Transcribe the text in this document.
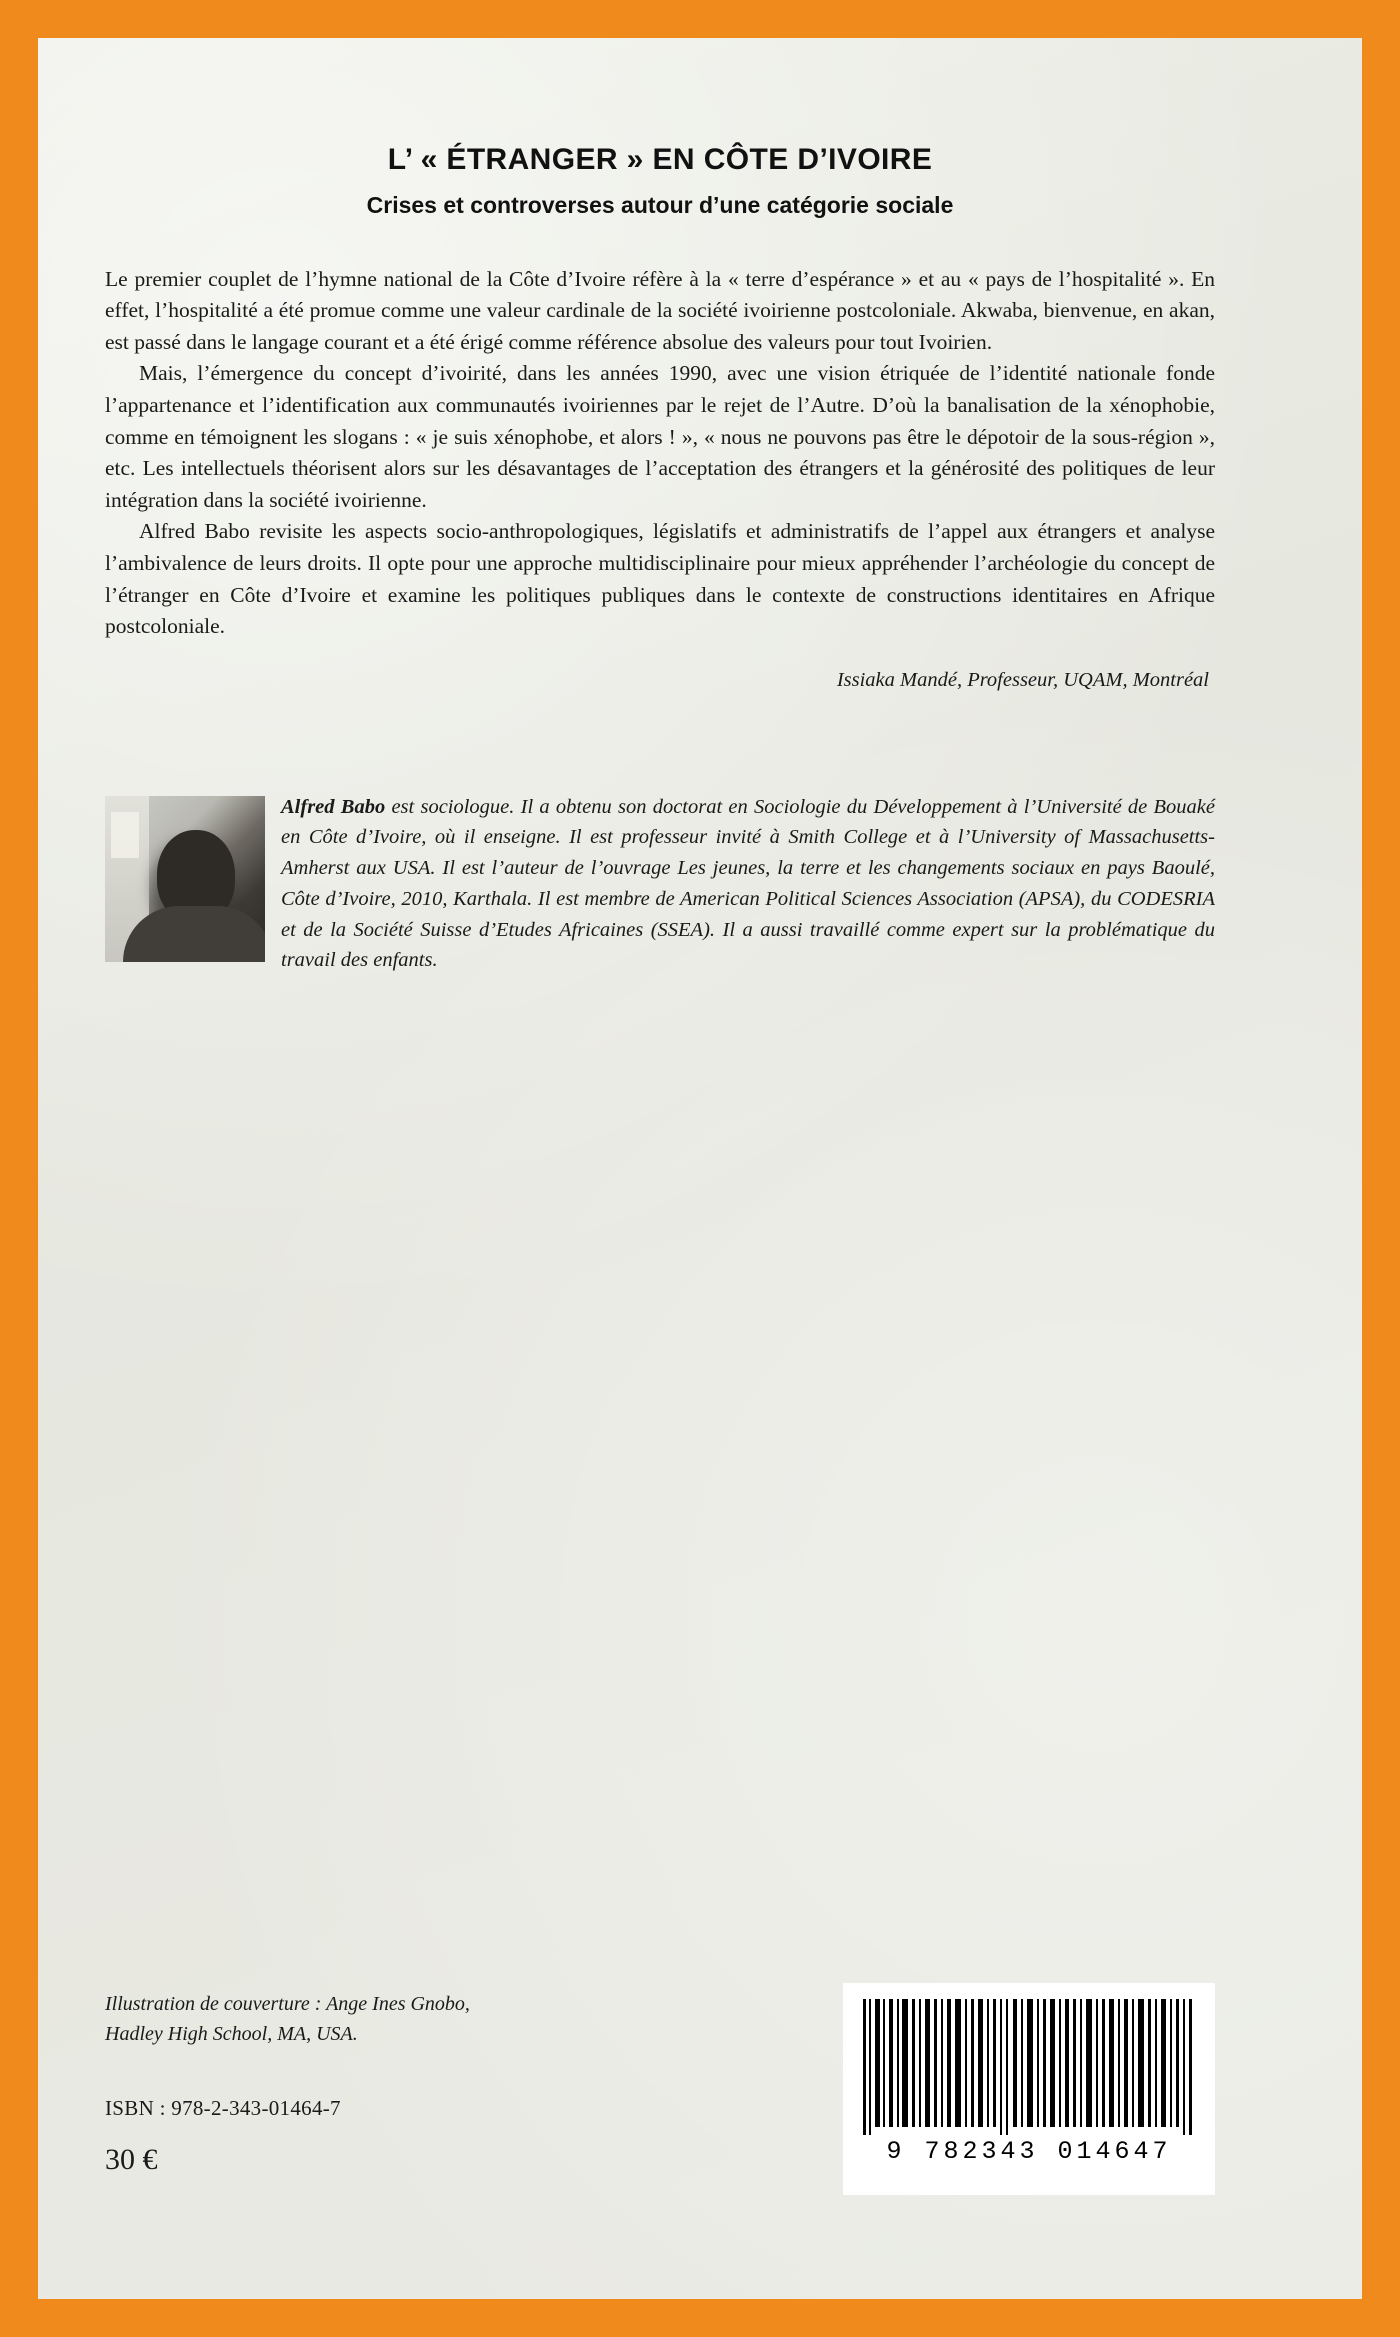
L’ « ÉTRANGER » EN CÔTE D’IVOIRE
Crises et controverses autour d’une catégorie sociale

Le premier couplet de l’hymne national de la Côte d’Ivoire réfère à la « terre d’espérance » et au « pays de l’hospitalité ». En effet, l’hospitalité a été promue comme une valeur cardinale de la société ivoirienne postcoloniale. Akwaba, bienvenue, en akan, est passé dans le langage courant et a été érigé comme référence absolue des valeurs pour tout Ivoirien.

Mais, l’émergence du concept d’ivoirité, dans les années 1990, avec une vision étriquée de l’identité nationale fonde l’appartenance et l’identification aux communautés ivoiriennes par le rejet de l’Autre. D’où la banalisation de la xénophobie, comme en témoignent les slogans : « je suis xénophobe, et alors ! », « nous ne pouvons pas être le dépotoir de la sous-région », etc. Les intellectuels théorisent alors sur les désavantages de l’acceptation des étrangers et la générosité des politiques de leur intégration dans la société ivoirienne.

Alfred Babo revisite les aspects socio-anthropologiques, législatifs et administratifs de l’appel aux étrangers et analyse l’ambivalence de leurs droits. Il opte pour une approche multidisciplinaire pour mieux appréhender l’archéologie du concept de l’étranger en Côte d’Ivoire et examine les politiques publiques dans le contexte de constructions identitaires en Afrique postcoloniale.

Issiaka Mandé, Professeur, UQAM, Montréal
Alfred Babo est sociologue. Il a obtenu son doctorat en Sociologie du Développement à l’Université de Bouaké en Côte d’Ivoire, où il enseigne. Il est professeur invité à Smith College et à l’University of Massachusetts-Amherst aux USA. Il est l’auteur de l’ouvrage Les jeunes, la terre et les changements sociaux en pays Baoulé, Côte d’Ivoire, 2010, Karthala. Il est membre de American Political Sciences Association (APSA), du CODESRIA et de la Société Suisse d’Etudes Africaines (SSEA). Il a aussi travaillé comme expert sur la problématique du travail des enfants.
Illustration de couverture : Ange Ines Gnobo,
Hadley High School, MA, USA.
ISBN : 978-2-343-01464-7
30 €	9 782343 014647
